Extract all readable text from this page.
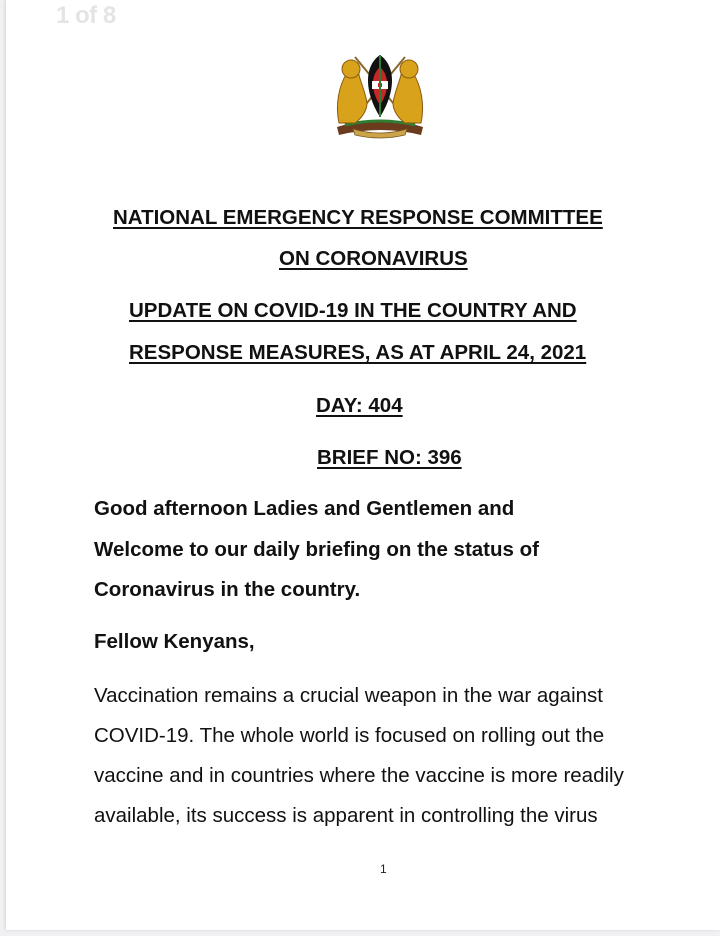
1 of 8
NATIONAL EMERGENCY RESPONSE COMMITTEE
ON CORONAVIRUS
UPDATE ON COVID-19 IN THE COUNTRY AND
RESPONSE MEASURES, AS AT APRIL 24, 2021
DAY: 404
BRIEF NO: 396
Good afternoon Ladies and Gentlemen and
Welcome to our daily briefing on the status of
Coronavirus in the country.
Fellow Kenyans,
Vaccination remains a crucial weapon in the war against
COVID-19. The whole world is focused on rolling out the
vaccine and in countries where the vaccine is more readily
available, its success is apparent in controlling the virus
1
